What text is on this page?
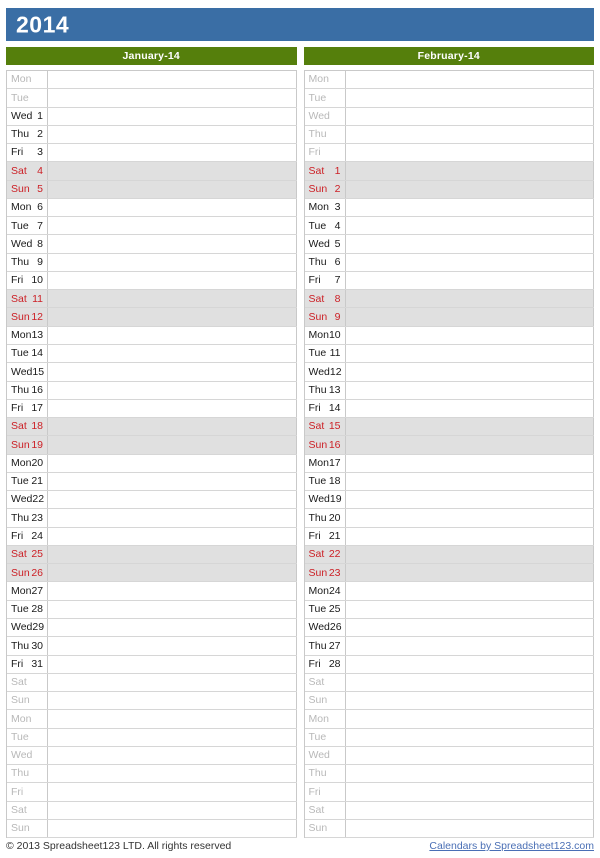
2014
January-14
Mon
Tue
Wed 1
Thu 2
Fri	3
Sat 4
Sun 5
Mon 6
Tue 7
Wed 8
Thu 9
Fri 10
Sat 11
Sun 12
Mon 13
Tue 14
Wed 15
Thu 16
Fri 17
Sat 18
Sun 19
Mon 20
Tue 21
Wed 22
Thu 23
Fri 24
Sat 25
Sun 26
Mon 27
Tue 28
Wed 29
Thu 30
Fri 31
Sat
Sun
Mon
Tue
Wed
Thu
Fri
Sat
Sun
February-14
Mon
Tue
Wed
Thu
Fri
Sat 1
Sun 2
Mon 3
Tue 4
Wed 5
Thu 6
Fri	7
Sat 8
Sun 9
Mon 10
Tue 11
Wed 12
Thu 13
Fri 14
Sat 15
Sun 16
Mon 17
Tue 18
Wed 19
Thu 20
Fri 21
Sat 22
Sun 23
Mon 24
Tue 25
Wed 26
Thu 27
Fri 28
Sat
Sun
Mon
Tue
Wed
Thu
Fri
Sat
Sun
© 2013 Spreadsheet123 LTD. All rights reserved	Calendars by Spreadsheet123.com
